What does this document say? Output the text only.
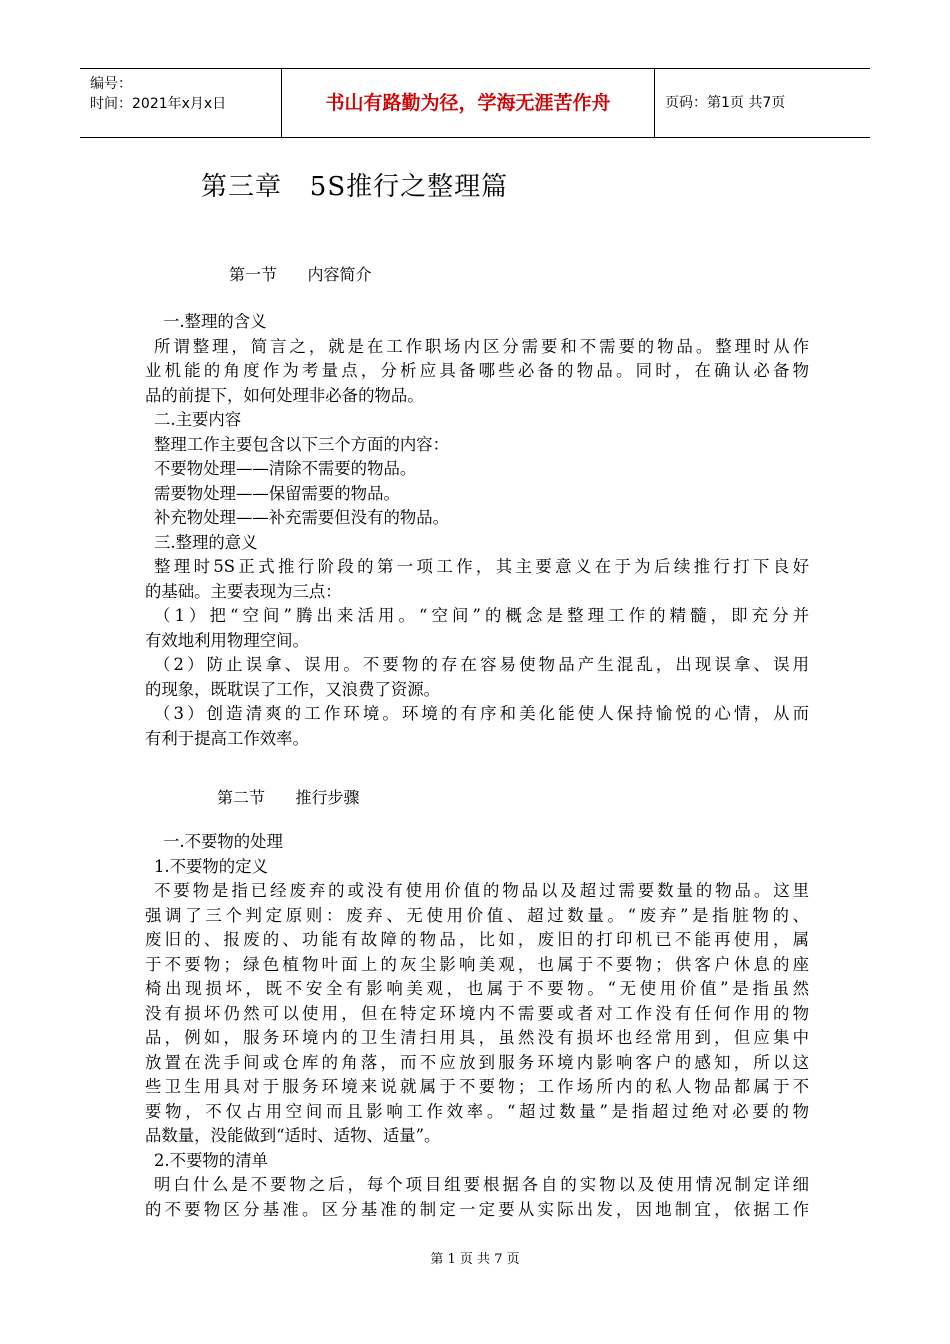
编号：
时间：2021年x月x日	书山有路勤为径，学海无涯苦作舟	页码：第1页 共7页
第三章   5S推行之整理篇
第一节      内容简介
一.整理的含义
所谓整理，简言之，就是在工作职场内区分需要和不需要的物品。整理时从作
业机能的角度作为考量点，分析应具备哪些必备的物品。同时，在确认必备物
品的前提下，如何处理非必备的物品。
二.主要内容
整理工作主要包含以下三个方面的内容：
不要物处理——清除不需要的物品。
需要物处理——保留需要的物品。
补充物处理——补充需要但没有的物品。
三.整理的意义
整理时5S正式推行阶段的第一项工作，其主要意义在于为后续推行打下良好
的基础。主要表现为三点：
（1）把“空间”腾出来活用。“空间”的概念是整理工作的精髓，即充分并
有效地利用物理空间。
（2）防止误拿、误用。不要物的存在容易使物品产生混乱，出现误拿、误用
的现象，既耽误了工作，又浪费了资源。
（3）创造清爽的工作环境。环境的有序和美化能使人保持愉悦的心情，从而
有利于提高工作效率。
第二节      推行步骤
一.不要物的处理
1.不要物的定义
不要物是指已经废弃的或没有使用价值的物品以及超过需要数量的物品。这里
强调了三个判定原则：废弃、无使用价值、超过数量。“废弃”是指脏物的、
废旧的、报废的、功能有故障的物品，比如，废旧的打印机已不能再使用，属
于不要物；绿色植物叶面上的灰尘影响美观，也属于不要物；供客户休息的座
椅出现损坏，既不安全有影响美观，也属于不要物。“无使用价值”是指虽然
没有损坏仍然可以使用，但在特定环境内不需要或者对工作没有任何作用的物
品，例如，服务环境内的卫生清扫用具，虽然没有损坏也经常用到，但应集中
放置在洗手间或仓库的角落，而不应放到服务环境内影响客户的感知，所以这
些卫生用具对于服务环境来说就属于不要物；工作场所内的私人物品都属于不
要物，不仅占用空间而且影响工作效率。“超过数量”是指超过绝对必要的物
品数量，没能做到“适时、适物、适量”。
2.不要物的清单
明白什么是不要物之后，每个项目组要根据各自的实物以及使用情况制定详细
的不要物区分基准。区分基准的制定一定要从实际出发，因地制宜，依据工作
第 1 页 共 7 页
